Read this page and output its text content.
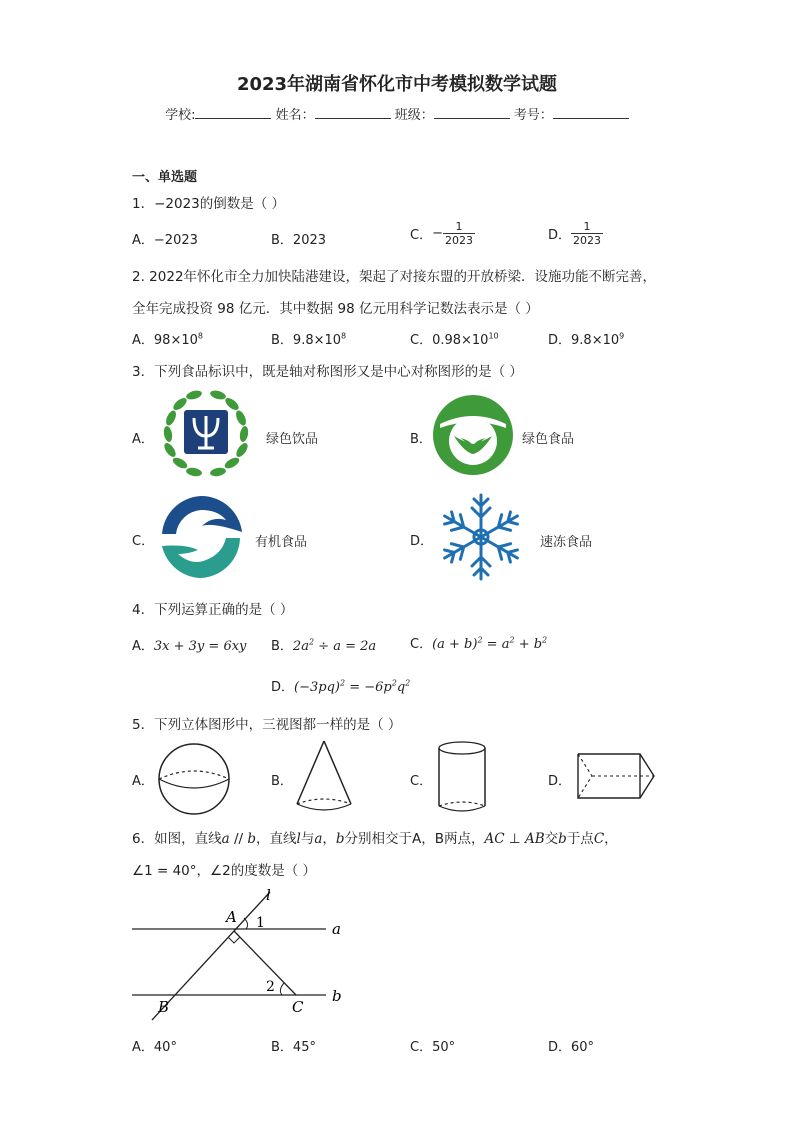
2023年湖南省怀化市中考模拟数学试题
学校:	姓名：	班级：	考号：
一、单选题
1．−2023的倒数是（ ）
A．−2023	B．2023	C．− $\frac{1}{2023}$	D． $\frac{1}{2023}$
2. 2022年怀化市全力加快陆港建设，架起了对接东盟的开放桥梁．设施功能不断完善，
全年完成投资 98 亿元．其中数据 98 亿元用科学记数法表示是（ ）
A．$98\times 10^8$	B．$9.8\times 10^8$	C．$0.98\times 10^{10}$	D．$9.8\times 10^9$
3．下列食品标识中，既是轴对称图形又是中心对称图形的是（ ）
A．	绿色饮品	B．	绿色食品
C．	有机食品	D．	速冻食品
4．下列运算正确的是（ ）
A．3x + 3y = 6xy B．$2a^2 \div a = 2a$	C．$(a + b)^2 = a^2 + b^2$
D．$(-3pq)^2 = -6p^2q^2$
5．下列立体图形中，三视图都一样的是（ ）
A．	B．	C．	D．
6．如图，直线a // b，直线l与a，b分别相交于A，B两点，AC ⊥ AB交b于点C，
∠1 = 40°，∠2的度数是（ ）
l
a
b
A
B	C
1
2
A．40°	B．45°	C．50°	D．60°
